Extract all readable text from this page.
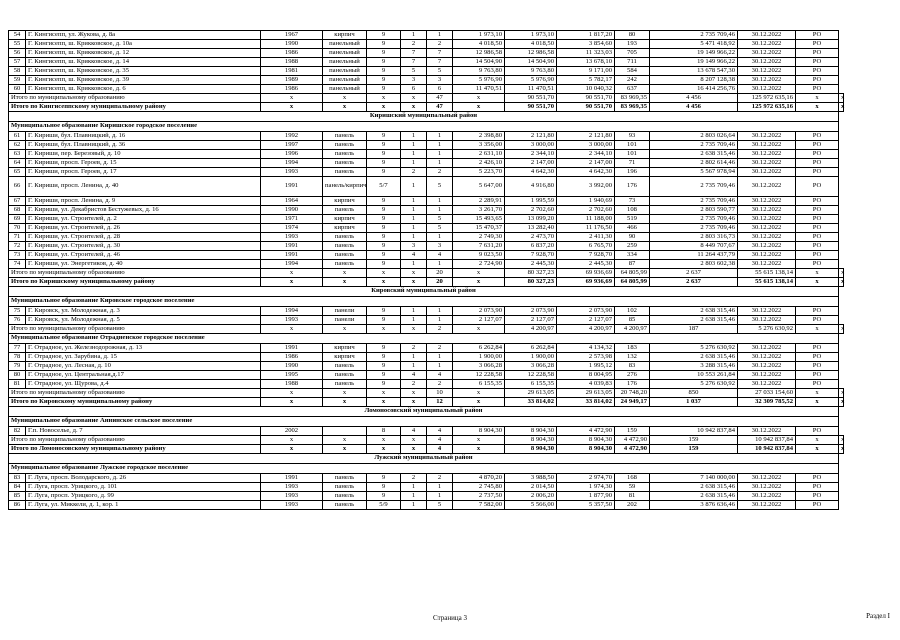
54	Г. Кингисепп, ул. Жукова, д. 8а	1967	кирпич	9	1	1	1 973,10	1 973,10	1 817,20	80	2 735 709,46	30.12.2022	РО	
55	Г. Кингисепп, ш. Крикковское, д. 10а	1990	панельный	9	2	2	4 018,50	4 018,50	3 854,60	193	5 471 418,92	30.12.2022	РО	
56	Г. Кингисепп, ш. Крикковское, д. 12	1986	панельный	9	7	7	12 986,58	12 986,58	11 323,03	705	19 149 966,22	30.12.2022	РО	
57	Г. Кингисепп, ш. Крикковское, д. 14	1988	панельный	9	7	7	14 504,90	14 504,90	13 678,10	711	19 149 966,22	30.12.2022	РО	
58	Г. Кингисепп, ш. Крикковское, д. 35	1981	панельный	9	5	5	9 763,80	9 763,80	9 171,00	584	13 678 547,30	30.12.2022	РО	
59	Г. Кингисепп, ш. Крикковское, д. 39	1989	панельный	9	3	3	5 976,90	5 976,90	5 782,17	242	8 207 128,38	30.12.2022	РО	
60	Г. Кингисепп, ш. Крикковское, д. 6	1986	панельный	9	6	6	11 470,51	11 470,51	10 040,32	637	16 414 256,76	30.12.2022	РО	
Итого по муниципальному образованию		х	х	х	х	47	х	90 551,70	90 551,70	83 969,35	4 456	125 972 635,16	х	х
Итого по Кингисеппскому муниципальному району		х	х	х	х	47	х	90 551,70	90 551,70	83 969,35	4 456	125 972 635,16	х	х
Киришский муниципальный район														
Муниципальное образование Киришское городское поселение														
61	Г. Кириши, бул. Плавницкий, д. 16	1992	панель	9	1	1	2 398,80	2 121,80	2 121,80	93	2 803 026,64	30.12.2022	РО	
62	Г. Кириши, бул. Плавницкий, д. 36	1997	панель	9	1	1	3 356,00	3 000,00	3 000,00	101	2 735 709,46	30.12.2022	РО	
63	Г. Кириши, пер. Березовый, д. 10	1996	панель	9	1	1	2 631,10	2 344,10	2 344,10	101	2 638 315,46	30.12.2022	РО	
64	Г. Кириши, просп. Героев, д. 15	1994	панель	9	1	1	2 426,10	2 147,00	2 147,00	71	2 802 614,46	30.12.2022	РО	
65	Г. Кириши, просп. Героев, д. 17	1993	панель	9	2	2	5 223,70	4 642,30	4 642,30	196	5 567 978,94	30.12.2022	РО	
66	Г. Кириши, просп. Ленина, д. 40	1991	панель/кирпич	5/7	1	5	5 647,00	4 916,80	3 992,00	176	2 735 709,46	30.12.2022	РО	
67	Г. Кириши, просп. Ленина, д. 9	1964	кирпич	9	1	1	2 289,91	1 995,59	1 940,69	73	2 735 709,46	30.12.2022	РО	
68	Г. Кириши, ул. Декабристов Бестужевых, д. 16	1990	панель	9	1	1	3 261,70	2 702,60	2 702,60	108	2 803 590,77	30.12.2022	РО	
69	Г. Кириши, ул. Строителей, д. 2	1971	кирпич	9	1	5	15 493,65	13 099,20	11 188,00	519	2 735 709,46	30.12.2022	РО	
70	Г. Кириши, ул. Строителей, д. 26	1974	кирпич	9	1	5	15 470,37	13 282,40	11 176,50	466	2 735 709,46	30.12.2022	РО	
71	Г. Кириши, ул. Строителей, д. 28	1993	панель	9	1	1	2 749,30	2 473,70	2 411,30	90	2 803 316,73	30.12.2022	РО	
72	Г. Кириши, ул. Строителей, д. 30	1991	панель	9	3	3	7 631,20	6 837,20	6 765,70	259	8 449 707,67	30.12.2022	РО	
73	Г. Кириши, ул. Строителей, д. 46	1991	панель	9	4	4	9 023,50	7 928,70	7 928,70	334	11 264 437,79	30.12.2022	РО	
74	Г. Кириши, ул. Энергетиков, д. 40	1994	панель	9	1	1	2 724,90	2 445,30	2 445,30	87	2 803 602,38	30.12.2022	РО	
Итого по муниципальному образованию		х	х	х	х	20	х	80 327,23	69 936,69	64 805,99	2 637	55 615 138,14	х	х
Итого по Киришскому муниципальному району		х	х	х	х	20	х	80 327,23	69 936,69	64 805,99	2 637	55 615 138,14	х	х
Кировский муниципальный район														
Муниципальное образование Кировское городское поселение														
75	Г. Кировск, ул. Молодежная, д. 3	1994	панели	9	1	1	2 073,90	2 073,90	2 073,90	102	2 638 315,46	30.12.2022	РО	
76	Г. Кировск, ул. Молодежная, д. 5	1993	панели	9	1	1	2 127,07	2 127,07	2 127,07	85	2 638 315,46	30.12.2022	РО	
Итого по муниципальному образованию		х	х	х	х	2	х	4 200,97	4 200,97	4 200,97	187	5 276 630,92	х	х
Муниципальное образование Отрадненское городское поселение														
77	Г. Отрадное, ул. Железнодорожная, д. 13	1991	кирпич	9	2	2	6 262,84	6 262,84	4 134,32	183	5 276 630,92	30.12.2022	РО	
78	Г. Отрадное, ул. Зарубина, д. 15	1986	кирпич	9	1	1	1 900,00	1 900,00	2 573,98	132	2 638 315,46	30.12.2022	РО	
79	Г. Отрадное, ул. Лесная, д. 10	1990	панель	9	1	1	3 066,28	3 066,28	1 995,12	83	3 288 315,46	30.12.2022	РО	
80	Г. Отрадное, ул. Центральная,д.17	1995	панель	9	4	4	12 228,58	12 228,58	8 004,95	276	10 553 261,84	30.12.2022	РО	
81	Г. Отрадное, ул. Щурова, д.4	1988	панель	9	2	2	6 155,35	6 155,35	4 039,83	176	5 276 630,92	30.12.2022	РО	
Итого по муниципальному образованию		х	х	х	х	10	х	29 613,05	29 613,05	20 748,20	850	27 033 154,60	х	х
Итого по Кировскому муниципальному району		х	х	х	х	12	х	33 814,02	33 814,02	24 949,17	1 037	32 309 785,52	х	х
Ломоносовский муниципальный район														
Муниципальное образование Аннинское сельское поселение														
82	Г.п. Новоселье, д. 7	2002		8	4	4	8 904,30	8 904,30	4 472,90	159	10 942 837,84	30.12.2022	РО	
Итого по муниципальному образованию		х	х	х	х	4	х	8 904,30	8 904,30	4 472,90	159	10 942 837,84	х	х
Итого по Ломоносовскому муниципальному району		х	х	х	х	4	х	8 904,30	8 904,30	4 472,90	159	10 942 837,84	х	х
Лужский муниципальный район														
Муниципальное образование Лужское городское поселение														
83	Г. Луга, просп. Володарского, д. 26	1991	панель	9	2	2	4 870,20	3 988,50	2 974,70	168	7 140 000,00	30.12.2022	РО	
84	Г. Луга, просп. Урицкого, д. 101	1993	панель	9	1	1	2 745,80	2 014,50	1 974,30	59	2 638 315,46	30.12.2022	РО	
85	Г. Луга, просп. Урицкого, д. 99	1993	панель	9	1	1	2 737,50	2 006,20	1 877,90	81	2 638 315,46	30.12.2022	РО	
86	Г. Луга, ул. Миккели, д. 1, кор. 1	1993	панель	5/9	1	5	7 582,00	5 566,00	5 357,50	202	3 876 636,46	30.12.2022	РО	
Страница 3	Раздел I
